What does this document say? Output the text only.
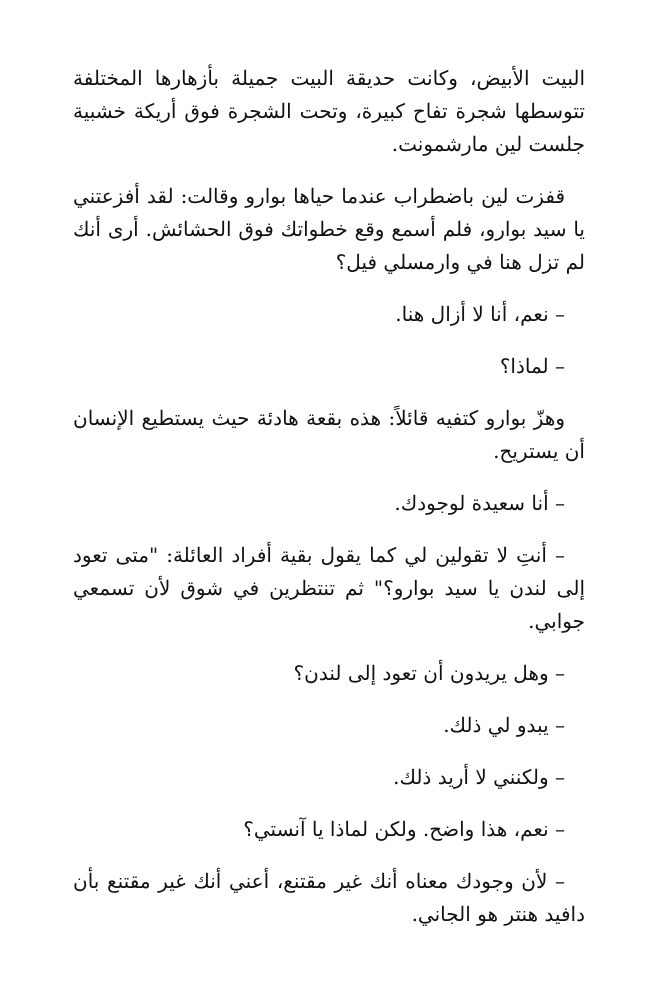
البيت الأبيض، وكانت حديقة البيت جميلة بأزهارها المختلفة تتوسطها شجرة تفاح كبيرة، وتحت الشجرة فوق أريكة خشبية جلست لين مارشمونت.

قفزت لين باضطراب عندما حياها بوارو وقالت: لقد أفزعتني يا سيد بوارو، فلم أسمع وقع خطواتك فوق الحشائش. أرى أنك لم تزل هنا في وارمسلي فيل؟

– نعم، أنا لا أزال هنا.

– لماذا؟

وهزّ بوارو كتفيه قائلاً: هذه بقعة هادئة حيث يستطيع الإنسان أن يستريح.

– أنا سعيدة لوجودك.

– أنتِ لا تقولين لي كما يقول بقية أفراد العائلة: "متى تعود إلى لندن يا سيد بوارو؟" ثم تنتظرين في شوق لأن تسمعي جوابي.

– وهل يريدون أن تعود إلى لندن؟

– يبدو لي ذلك.

– ولكنني لا أريد ذلك.

– نعم، هذا واضح. ولكن لماذا يا آنستي؟

– لأن وجودك معناه أنك غير مقتنع، أعني أنك غير مقتنع بأن دافيد هنتر هو الجاني.
